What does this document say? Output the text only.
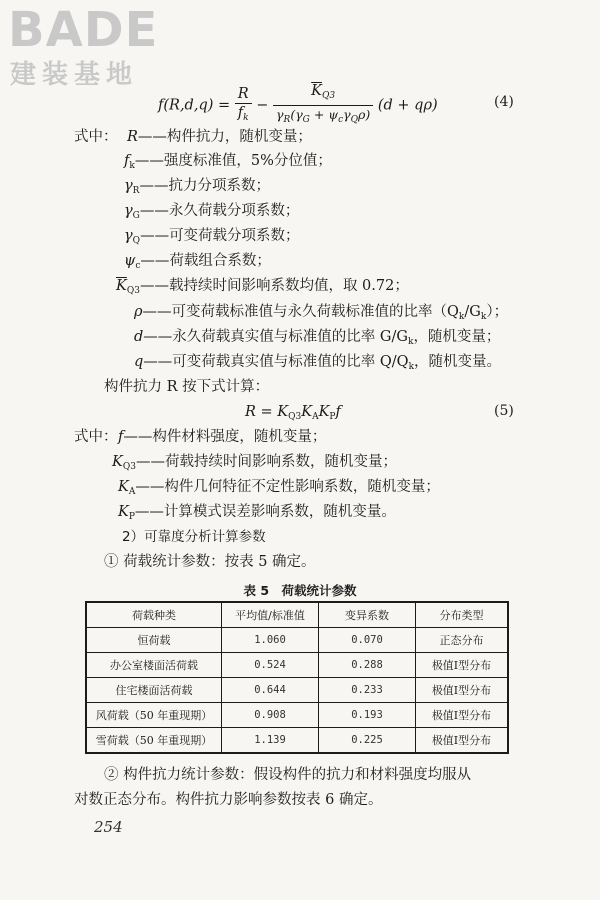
BADE
建装基地
$f(R,d,q) = \frac{R}{f_k} - \frac{\overline{K}_{Q3}}{\gamma_R(\gamma_G + \psi_c\gamma_Q\rho)} (d + q\rho)$	(4)
式中： R——构件抗力，随机变量；
$f_k——$强度标准值，5%分位值；
$\gamma_R——$抗力分项系数；
$\gamma_G——$永久荷载分项系数；
$\gamma_Q——$可变荷载分项系数；
$\psi_c——$荷载组合系数；
$\overline{K}_{Q3}——$载持续时间影响系数均值，取 0.72；
ρ——可变荷载标准值与永久荷载标准值的比率$(Q_k/G_k)$；
d——永久荷载真实值与标准值的比率 $G/G_k$，随机变量；
q——可变荷载真实值与标准值的比率 $Q/Q_k$，随机变量。
构件抗力 R 按下式计算：
$R = K_{Q3}K_AK_Pf$	(5)
式中： f——构件材料强度，随机变量；
$K_{Q3}——$荷载持续时间影响系数，随机变量；
$K_A——$构件几何特征不定性影响系数，随机变量；
$K_P——$计算模式误差影响系数，随机变量。
2）可靠度分析计算参数
① 荷载统计参数：按表 5 确定。
表 5　荷载统计参数
荷载种类	平均值/标准值	变异系数	分布类型
恒荷载	1.060	0.070	正态分布
办公室楼面活荷载	0.524	0.288	极值Ⅰ型分布
住宅楼面活荷载	0.644	0.233	极值Ⅰ型分布
风荷载（50 年重现期）	0.908	0.193	极值Ⅰ型分布
雪荷载（50 年重现期）	1.139	0.225	极值Ⅰ型分布
② 构件抗力统计参数：假设构件的抗力和材料强度均服从
对数正态分布。构件抗力影响参数按表 6 确定。
254
